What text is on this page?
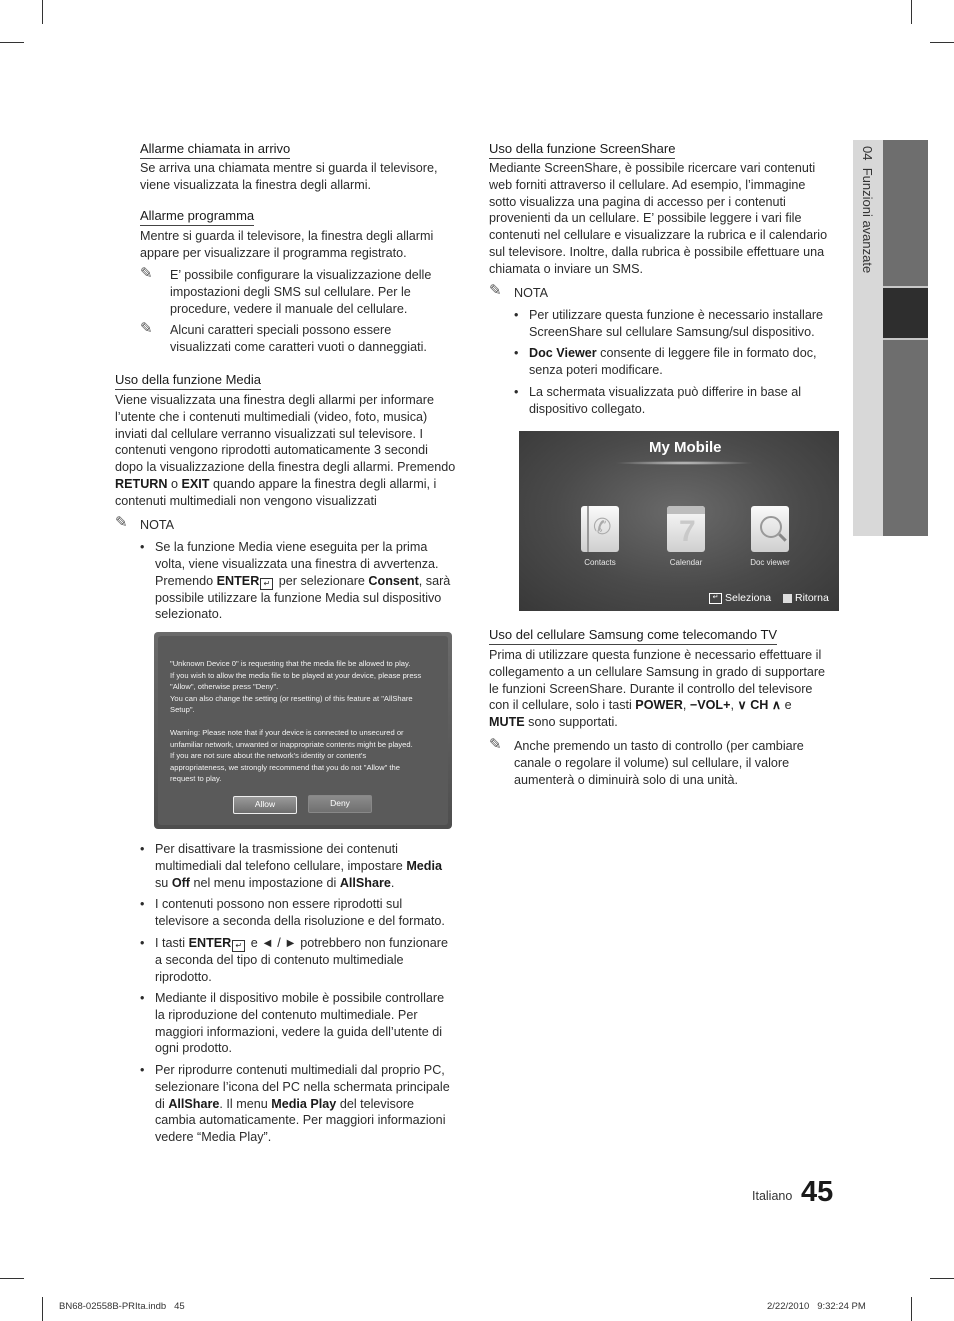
04  Funzioni avanzate
Allarme chiamata in arrivo

Se arriva una chiamata mentre si guarda il televisore,

viene visualizzata la finestra degli allarmi.

Allarme programma

Mentre si guarda il televisore, la finestra degli allarmi

appare per visualizzare il programma registrato.

✎ E’ possibile configurare la visualizzazione delle
impostazioni degli SMS sul cellulare. Per le
procedure, vedere il manuale del cellulare.
✎ Alcuni caratteri speciali possono essere
visualizzati come caratteri vuoti o danneggiati.
Uso della funzione Media

Viene visualizzata una finestra degli allarmi per informare

l’utente che i contenuti multimediali (video, foto, musica)

inviati dal cellulare verranno visualizzati sul televisore. I

contenuti vengono riprodotti automaticamente 3 secondi

dopo la visualizzazione della finestra degli allarmi. Premendo

RETURN o EXIT quando appare la finestra degli allarmi, i

contenuti multimediali non vengono visualizzati

✎ NOTA
• Se la funzione Media viene eseguita per la prima
volta, viene visualizzata una finestra di avvertenza.
Premendo ENTER ↵ per selezionare Consent, sarà
possibile utilizzare la funzione Media sul dispositivo
selezionato.
"Unknown Device 0" is requesting that the media file be allowed to play.
If you wish to allow the media file to be played at your device, please press
"Allow", otherwise press "Deny".
You can also change the setting (or resetting) of this feature at "AllShare
Setup".
Warning: Please note that if your device is connected to unsecured or
unfamiliar network, unwanted or inappropriate contents might be played.
If you are not sure about the network's identity or content's
appropriateness, we strongly recommend that you do not "Allow" the
request to play.
Allow	Deny
• Per disattivare la trasmissione dei contenuti
multimediali dal telefono cellulare, impostare Media
su Off nel menu impostazione di AllShare.
• I contenuti possono non essere riprodotti sul
televisore a seconda della risoluzione e del formato.
• I tasti ENTER ↵ e ◄ / ► potrebbero non funzionare
a seconda del tipo di contenuto multimediale
riprodotto.
• Mediante il dispositivo mobile è possibile controllare
la riproduzione del contenuto multimediale. Per
maggiori informazioni, vedere la guida dell’utente di
ogni prodotto.
• Per riprodurre contenuti multimediali dal proprio PC,
selezionare l’icona del PC nella schermata principale
di AllShare. Il menu Media Play del televisore
cambia automaticamente. Per maggiori informazioni
vedere “Media Play”.
Uso della funzione ScreenShare

Mediante ScreenShare, è possibile ricercare vari contenuti

web forniti attraverso il cellulare. Ad esempio, l’immagine

sotto visualizza una pagina di accesso per i contenuti

provenienti da un cellulare. E’ possibile leggere i vari file

contenuti nel cellulare e visualizzare la rubrica e il calendario

sul televisore. Inoltre, dalla rubrica è possibile effettuare una

chiamata o inviare un SMS.

✎ NOTA
• Per utilizzare questa funzione è necessario installare
ScreenShare sul cellulare Samsung/sul dispositivo.
• Doc Viewer consente di leggere file in formato doc,
senza poteri modificare.
• La schermata visualizzata può differire in base al
dispositivo collegato.
My Mobile
✆
Contacts
7
Calendar	Doc viewer
↵ Seleziona Ritorna
Uso del cellulare Samsung come telecomando TV

Prima di utilizzare questa funzione è necessario effettuare il

collegamento a un cellulare Samsung in grado di supportare

le funzioni ScreenShare. Durante il controllo del televisore

con il cellulare, solo i tasti POWER, −VOL+, ∨ CH ∧ e

MUTE sono supportati.

✎ Anche premendo un tasto di controllo (per cambiare
canale o regolare il volume) sul cellulare, il valore
aumenterà o diminuirà solo di una unità.
Italiano 45
BN68-02558B-PRIta.indb 45	2/22/2010 9:32:24 PM
